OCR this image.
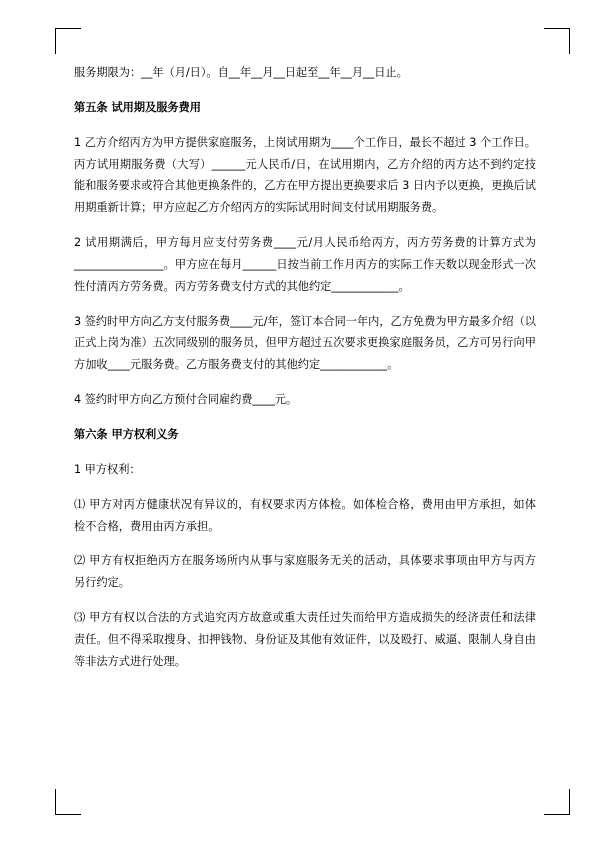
服务期限为：__年（月/日）。自__年__月__日起至__年__月__日止。

第五条 试用期及服务费用

1 乙方介绍丙方为甲方提供家庭服务，上岗试用期为____个工作日，最长不超过 3 个工作日。丙方试用期服务费（大写）______元人民币/日，在试用期内，乙方介绍的丙方达不到约定技能和服务要求或符合其他更换条件的，乙方在甲方提出更换要求后 3 日内予以更换，更换后试用期重新计算；甲方应起乙方介绍丙方的实际试用时间支付试用期服务费。

2 试用期满后，甲方每月应支付劳务费____元/月人民币给丙方，丙方劳务费的计算方式为________________。甲方应在每月______日按当前工作月丙方的实际工作天数以现金形式一次性付清丙方劳务费。丙方劳务费支付方式的其他约定____________。

3 签约时甲方向乙方支付服务费____元/年，签订本合同一年内，乙方免费为甲方最多介绍（以正式上岗为准）五次同级别的服务员，但甲方超过五次要求更换家庭服务员，乙方可另行向甲方加收____元服务费。乙方服务费支付的其他约定____________。

4 签约时甲方向乙方预付合同雇约费____元。

第六条 甲方权利义务

1 甲方权利：

⑴ 甲方对丙方健康状况有异议的，有权要求丙方体检。如体检合格，费用由甲方承担，如体检不合格，费用由丙方承担。

⑵ 甲方有权拒绝丙方在服务场所内从事与家庭服务无关的活动，具体要求事项由甲方与丙方另行约定。

⑶ 甲方有权以合法的方式追究丙方故意或重大责任过失而给甲方造成损失的经济责任和法律责任。但不得采取搜身、扣押钱物、身份证及其他有效证件，以及殴打、威逼、限制人身自由等非法方式进行处理。
